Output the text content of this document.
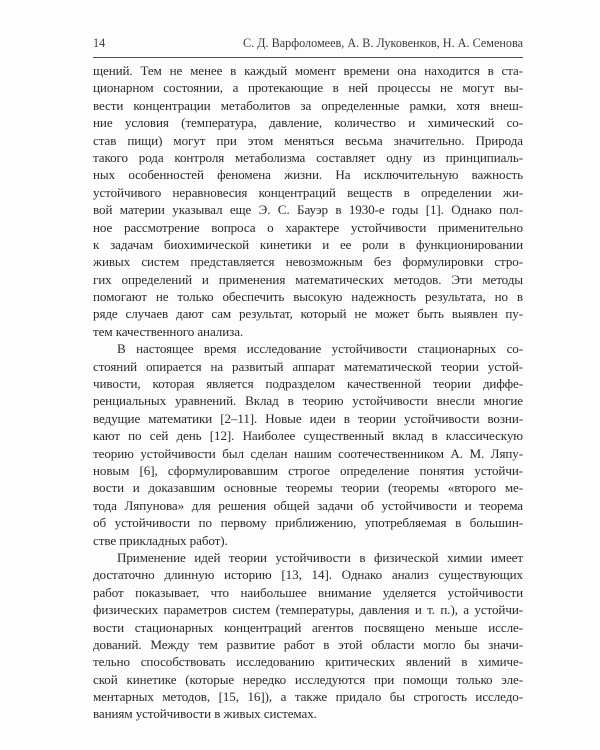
14	С. Д. Варфоломеев, А. В. Луковенков, Н. А. Семенова
щений. Тем не менее в каждый момент времени она находится в ста-
ционарном состоянии, а протекающие в ней процессы не могут вы-
вести концентрации метаболитов за определенные рамки, хотя внеш-
ние условия (температура, давление, количество и химический со-
став пищи) могут при этом меняться весьма значительно. Природа
такого рода контроля метаболизма составляет одну из принципиаль-
ных особенностей феномена жизни. На исключительную важность
устойчивого неравновесия концентраций веществ в определении жи-
вой материи указывал еще Э. С. Бауэр в 1930-е годы [1]. Однако пол-
ное рассмотрение вопроса о характере устойчивости применительно
к задачам биохимической кинетики и ее роли в функционировании
живых систем представляется невозможным без формулировки стро-
гих определений и применения математических методов. Эти методы
помогают не только обеспечить высокую надежность результата, но в
ряде случаев дают сам результат, который не может быть выявлен пу-
тем качественного анализа.
В настоящее время исследование устойчивости стационарных со-
стояний опирается на развитый аппарат математической теории устой-
чивости, которая является подразделом качественной теории диффе-
ренциальных уравнений. Вклад в теорию устойчивости внесли многие
ведущие математики [2–11]. Новые идеи в теории устойчивости возни-
кают по сей день [12]. Наиболее существенный вклад в классическую
теорию устойчивости был сделан нашим соотечественником А. М. Ляпу-
новым [6], сформулировавшим строгое определение понятия устойчи-
вости и доказавшим основные теоремы теории (теоремы «второго ме-
тода Ляпунова» для решения общей задачи об устойчивости и теорема
об устойчивости по первому приближению, употребляемая в большин-
стве прикладных работ).
Применение идей теории устойчивости в физической химии имеет
достаточно длинную историю [13, 14]. Однако анализ существующих
работ показывает, что наибольшее внимание уделяется устойчивости
физических параметров систем (температуры, давления и т. п.), а устойчи-
вости стационарных концентраций агентов посвящено меньше иссле-
дований. Между тем развитие работ в этой области могло бы значи-
тельно способствовать исследованию критических явлений в химиче-
ской кинетике (которые нередко исследуются при помощи только эле-
ментарных методов, [15, 16]), а также придало бы строгость исследо-
ваниям устойчивости в живых системах.
